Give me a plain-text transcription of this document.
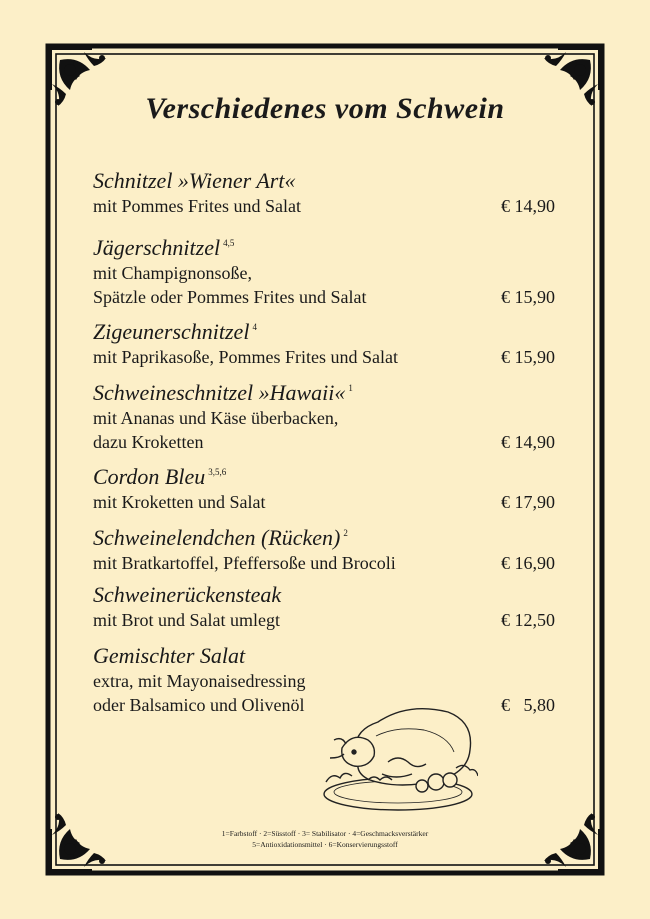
Verschiedenes vom Schwein
Schnitzel »Wiener Art«
mit Pommes Frites und Salat	€ 14,90
Jägerschnitzel $^{4,5}$
mit Champignonsoße,
Spätzle oder Pommes Frites und Salat	€ 15,90
Zigeunerschnitzel $^4$
mit Paprikasoße, Pommes Frites und Salat	€ 15,90
Schweineschnitzel »Hawaii« $^1$
mit Ananas und Käse überbacken,
dazu Kroketten	€ 14,90
Cordon Bleu $^{3,5,6}$
mit Kroketten und Salat	€ 17,90
Schweinelendchen (Rücken) $^2$
mit Bratkartoffel, Pfeffersoße und Brocoli	€ 16,90
Schweinerückensteak
mit Brot und Salat umlegt	€ 12,50
Gemischter Salat
extra, mit Mayonaisedressing
oder Balsamico und Olivenöl	€   5,80
1=Farbstoff · 2=Süsstoff · 3= Stabilisator · 4=Geschmacksverstärker
5=Antioxidationsmittel · 6=Konservierungsstoff
